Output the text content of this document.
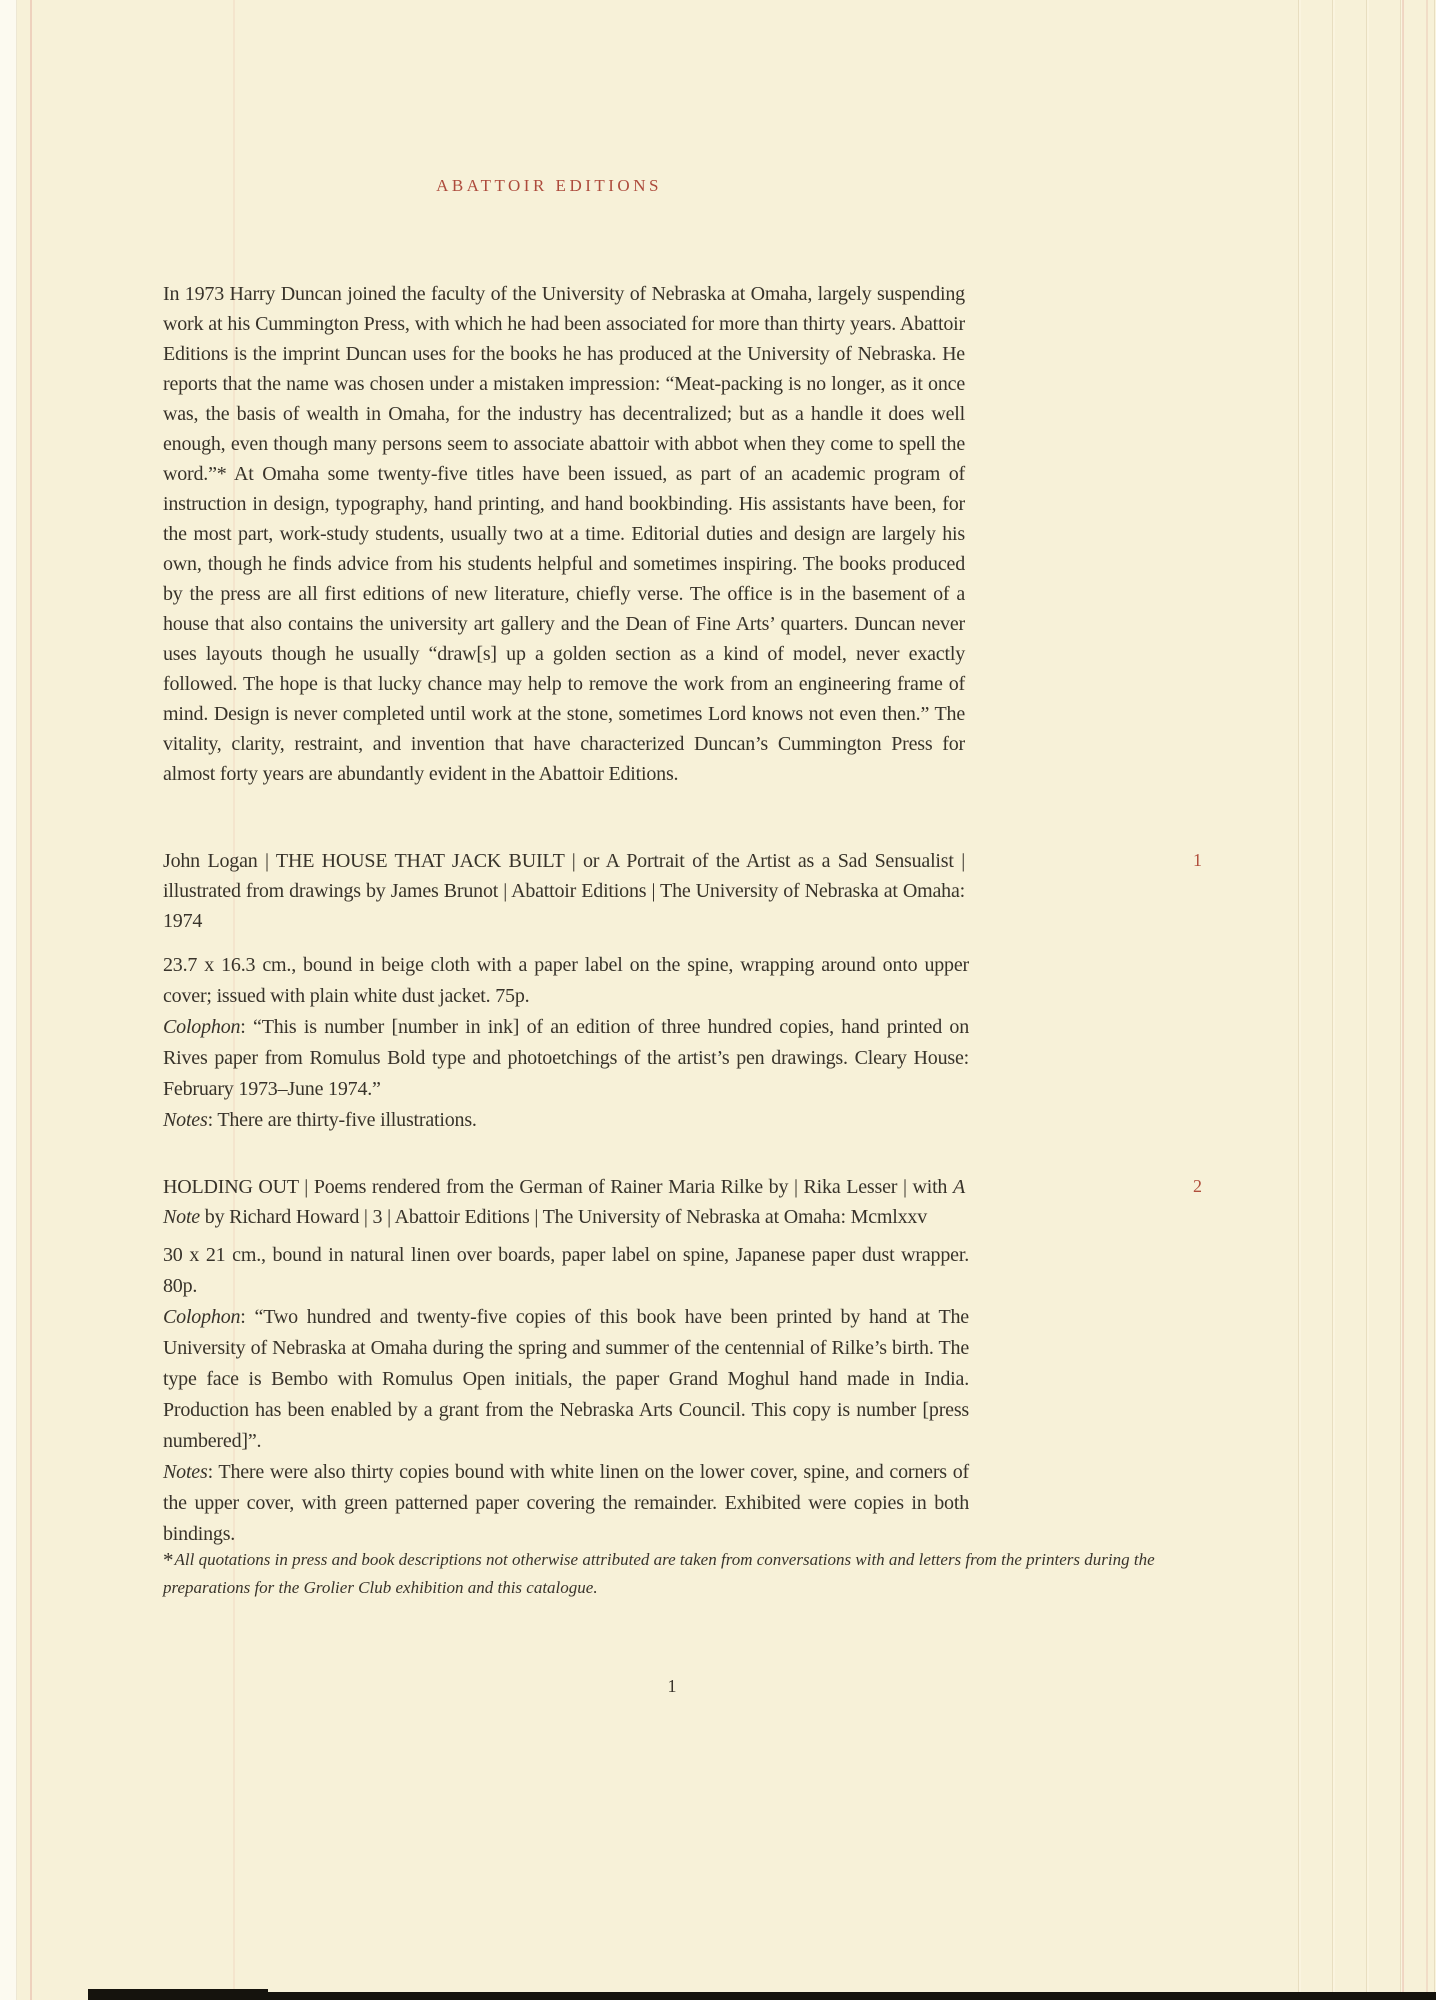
ABATTOIR EDITIONS

In 1973 Harry Duncan joined the faculty of the University of Nebraska at Omaha, largely suspending work at his Cummington Press, with which he had been associated for more than thirty years. Abattoir Editions is the imprint Duncan uses for the books he has produced at the University of Nebraska. He reports that the name was chosen under a mistaken impression: “Meat-packing is no longer, as it once was, the basis of wealth in Omaha, for the industry has decentralized; but as a handle it does well enough, even though many persons seem to associate abattoir with abbot when they come to spell the word.”* At Omaha some twenty-five titles have been issued, as part of an academic program of instruction in design, typography, hand printing, and hand bookbinding. His assistants have been, for the most part, work-study students, usually two at a time. Editorial duties and design are largely his own, though he finds advice from his students helpful and sometimes inspiring. The books produced by the press are all first editions of new literature, chiefly verse. The office is in the basement of a house that also contains the university art gallery and the Dean of Fine Arts’ quarters. Duncan never uses layouts though he usually “draw[s] up a golden section as a kind of model, never exactly followed. The hope is that lucky chance may help to remove the work from an engineering frame of mind. Design is never completed until work at the stone, sometimes Lord knows not even then.” The vitality, clarity, restraint, and invention that have characterized Duncan’s Cummington Press for almost forty years are abundantly evident in the Abattoir Editions.

John Logan | THE HOUSE THAT JACK BUILT | or A Portrait of the Artist as a Sad Sensualist | illustrated from drawings by James Brunot | Abattoir Editions | The University of Nebraska at Omaha: 1974

1

23.7 x 16.3 cm., bound in beige cloth with a paper label on the spine, wrapping around onto upper cover; issued with plain white dust jacket. 75p.

Colophon: “This is number [number in ink] of an edition of three hundred copies, hand printed on Rives paper from Romulus Bold type and photoetchings of the artist’s pen drawings. Cleary House: February 1973–June 1974.”

Notes: There are thirty-five illustrations.

HOLDING OUT | Poems rendered from the German of Rainer Maria Rilke by | Rika Lesser | with A Note by Richard Howard | 3 | Abattoir Editions | The University of Nebraska at Omaha: Mcmlxxv

2

30 x 21 cm., bound in natural linen over boards, paper label on spine, Japanese paper dust wrapper. 80p.

Colophon: “Two hundred and twenty-five copies of this book have been printed by hand at The University of Nebraska at Omaha during the spring and summer of the centennial of Rilke’s birth. The type face is Bembo with Romulus Open initials, the paper Grand Moghul hand made in India. Production has been enabled by a grant from the Nebraska Arts Council. This copy is number [press numbered]”.

Notes: There were also thirty copies bound with white linen on the lower cover, spine, and corners of the upper cover, with green patterned paper covering the remainder. Exhibited were copies in both bindings.

*All quotations in press and book descriptions not otherwise attributed are taken from conversations with and letters from the printers during the preparations for the Grolier Club exhibition and this catalogue.
1
